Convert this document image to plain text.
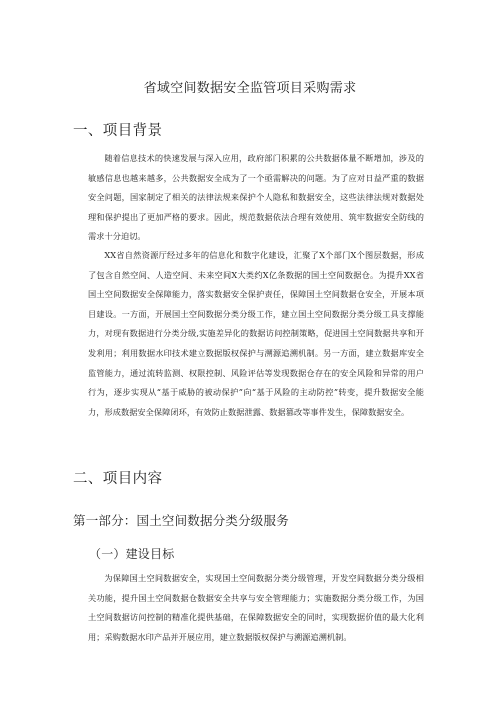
省域空间数据安全监管项目采购需求
一、项目背景

随着信息技术的快速发展与深入应用，政府部门积累的公共数据体量不断增加，涉及的敏感信息也越来越多，公共数据安全成为了一个亟需解决的问题。为了应对日益严重的数据安全问题，国家制定了相关的法律法规来保护个人隐私和数据安全，这些法律法规对数据处理和保护提出了更加严格的要求。因此，规范数据依法合理有效使用、筑牢数据安全防线的需求十分迫切。

XX省自然资源厅经过多年的信息化和数字化建设，汇聚了X个部门X个图层数据，形成了包含自然空间、人造空间、未来空间X大类约X亿条数据的国土空间数据仓。为提升XX省国土空间数据安全保障能力，落实数据安全保护责任，保障国土空间数据仓安全，开展本项目建设。一方面，开展国土空间数据分类分级工作，建立国土空间数据分类分级工具支撑能力，对现有数据进行分类分级,实施差异化的数据访问控制策略，促进国土空间数据共享和开发利用；利用数据水印技术建立数据版权保护与溯源追溯机制。另一方面，建立数据库安全监管能力，通过流转监测、权限控制、风险评估等发现数据仓存在的安全风险和异常的用户行为，逐步实现从“基于威胁的被动保护”向“基于风险的主动防控”转变，提升数据安全能力，形成数据安全保障闭环，有效防止数据泄露、数据篡改等事件发生，保障数据安全。

二、项目内容
第一部分：国土空间数据分类分级服务
（一）建设目标

为保障国土空间数据安全，实现国土空间数据分类分级管理，开发空间数据分类分级相关功能，提升国土空间数据仓数据安全共享与安全管理能力；实施数据分类分级工作，为国土空间数据访问控制的精准化提供基础，在保障数据安全的同时，实现数据价值的最大化利用；采购数据水印产品并开展应用，建立数据版权保护与溯源追溯机制。
